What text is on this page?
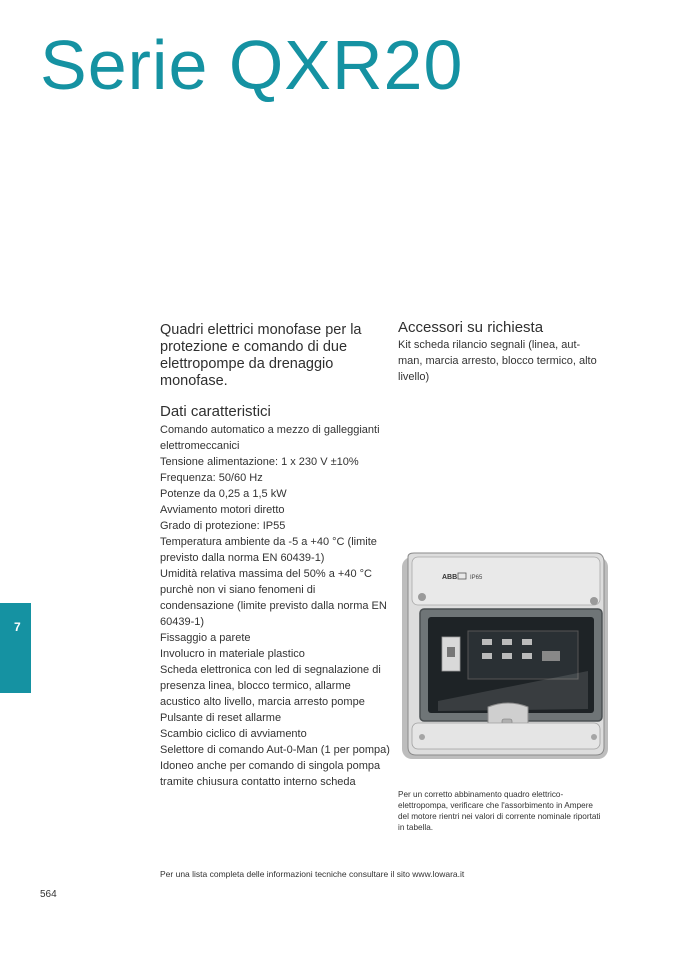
Serie QXR20
Quadri elettrici monofase per la protezione e comando di due elettropompe da drenaggio monofase.
Dati caratteristici
Comando automatico a mezzo di galleggianti elettromeccanici
Tensione alimentazione: 1 x 230 V ±10%
Frequenza: 50/60 Hz
Potenze da 0,25 a 1,5 kW
Avviamento motori diretto
Grado di protezione: IP55
Temperatura ambiente da -5 a +40 °C (limite previsto dalla norma EN 60439-1)
Umidità relativa massima del 50% a +40 °C purchè non vi siano fenomeni di condensazione (limite previsto dalla norma EN 60439-1)
Fissaggio a parete
Involucro in materiale plastico
Scheda elettronica con led di segnalazione di presenza linea, blocco termico, allarme acustico alto livello, marcia arresto pompe
Pulsante di reset allarme
Scambio ciclico di avviamento
Selettore di comando Aut-0-Man (1 per pompa)
Idoneo anche per comando di singola pompa tramite chiusura contatto interno scheda
Accessori su richiesta
Kit scheda rilancio segnali (linea, aut-man, marcia arresto, blocco termico, alto livello)
7
ABB IP65
Per un corretto abbinamento quadro elettrico-elettropompa, verificare che l'assorbimento in Ampere del motore rientri nei valori di corrente nominale riportati in tabella.
Per una lista completa delle informazioni tecniche consultare il sito www.lowara.it
564
